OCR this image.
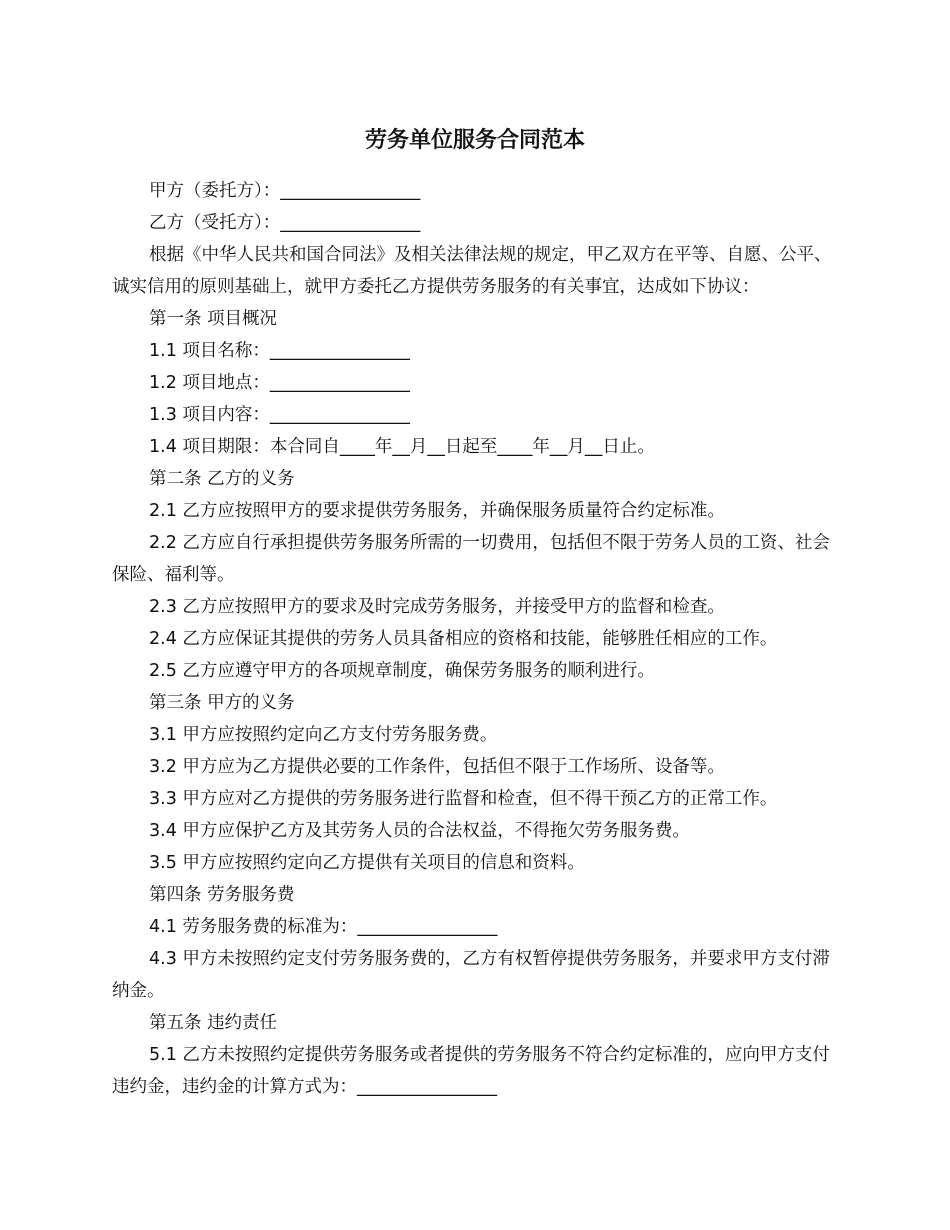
劳务单位服务合同范本

甲方（委托方）：________________

乙方（受托方）：________________

根据《中华人民共和国合同法》及相关法律法规的规定，甲乙双方在平等、自愿、公平、诚实信用的原则基础上，就甲方委托乙方提供劳务服务的有关事宜，达成如下协议：

第一条 项目概况

1.1 项目名称：________________

1.2 项目地点：________________

1.3 项目内容：________________

1.4 项目期限：本合同自____年__月__日起至____年__月__日止。

第二条 乙方的义务

2.1 乙方应按照甲方的要求提供劳务服务，并确保服务质量符合约定标准。

2.2 乙方应自行承担提供劳务服务所需的一切费用，包括但不限于劳务人员的工资、社会保险、福利等。

2.3 乙方应按照甲方的要求及时完成劳务服务，并接受甲方的监督和检查。

2.4 乙方应保证其提供的劳务人员具备相应的资格和技能，能够胜任相应的工作。

2.5 乙方应遵守甲方的各项规章制度，确保劳务服务的顺利进行。

第三条 甲方的义务

3.1 甲方应按照约定向乙方支付劳务服务费。

3.2 甲方应为乙方提供必要的工作条件，包括但不限于工作场所、设备等。

3.3 甲方应对乙方提供的劳务服务进行监督和检查，但不得干预乙方的正常工作。

3.4 甲方应保护乙方及其劳务人员的合法权益，不得拖欠劳务服务费。

3.5 甲方应按照约定向乙方提供有关项目的信息和资料。

第四条 劳务服务费

4.1 劳务服务费的标准为：________________

4.3 甲方未按照约定支付劳务服务费的，乙方有权暂停提供劳务服务，并要求甲方支付滞纳金。

第五条 违约责任

5.1 乙方未按照约定提供劳务服务或者提供的劳务服务不符合约定标准的，应向甲方支付违约金，违约金的计算方式为：________________
